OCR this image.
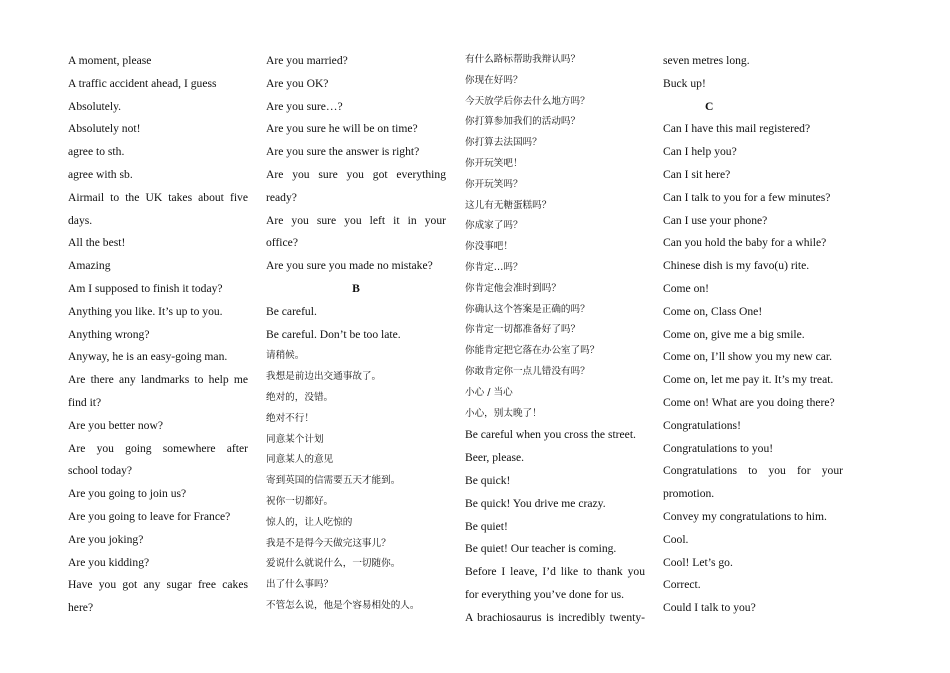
A moment, please
A traffic accident ahead, I guess
Absolutely.
Absolutely not!
agree to sth.
agree with sb.
Airmail to the UK takes about five
days.
All the best!
Amazing
Am I supposed to finish it today?
Anything you like. It’s up to you.
Anything wrong?
Anyway, he is an easy-going man.
Are there any landmarks to help me
find it?
Are you better now?
Are you going somewhere after
school today?
Are you going to join us?
Are you going to leave for France?
Are you joking?
Are you kidding?
Have you got any sugar free cakes
here?
Are you married?
Are you OK?
Are you sure…?
Are you sure he will be on time?
Are you sure the answer is right?
Are you sure you got everything
ready?
Are you sure you left it in your
office?
Are you sure you made no mistake?
B
Be careful.
Be careful. Don’t be too late.
请稍候。
我想是前边出交通事故了。
绝对的，没错。
绝对不行！
同意某个计划
同意某人的意见
寄到英国的信需要五天才能到。
祝你一切都好。
惊人的，让人吃惊的
我是不是得今天做完这事儿？
爱说什么就说什么，一切随你。
出了什么事吗？
不管怎么说，他是个容易相处的人。
有什么路标帮助我辩认吗？
你现在好吗？
今天放学后你去什么地方吗？
你打算参加我们的活动吗？
你打算去法国吗？
你开玩笑吧！
你开玩笑吗？
这儿有无糖蛋糕吗？
你成家了吗？
你没事吧！
你肯定…吗？
你肯定他会准时到吗？
你确认这个答案是正确的吗？
你肯定一切都准备好了吗？
你能肯定把它落在办公室了吗？
你敢肯定你一点儿错没有吗？
小心 / 当心
小心，别太晚了！
Be careful when you cross the street.
Beer, please.
Be quick!
Be quick! You drive me crazy.
Be quiet!
Be quiet! Our teacher is coming.
Before I leave, I’d like to thank you
for everything you’ve done for us.
A brachiosaurus is incredibly twenty-
seven metres long.
Buck up!
C
Can I have this mail registered?
Can I help you?
Can I sit here?
Can I talk to you for a few minutes?
Can I use your phone?
Can you hold the baby for a while?
Chinese dish is my favo(u) rite.
Come on!
Come on, Class One!
Come on, give me a big smile.
Come on, I’ll show you my new car.
Come on, let me pay it. It’s my treat.
Come on! What are you doing there?
Congratulations!
Congratulations to you!
Congratulations to you for your
promotion.
Convey my congratulations to him.
Cool.
Cool! Let’s go.
Correct.
Could I talk to you?
